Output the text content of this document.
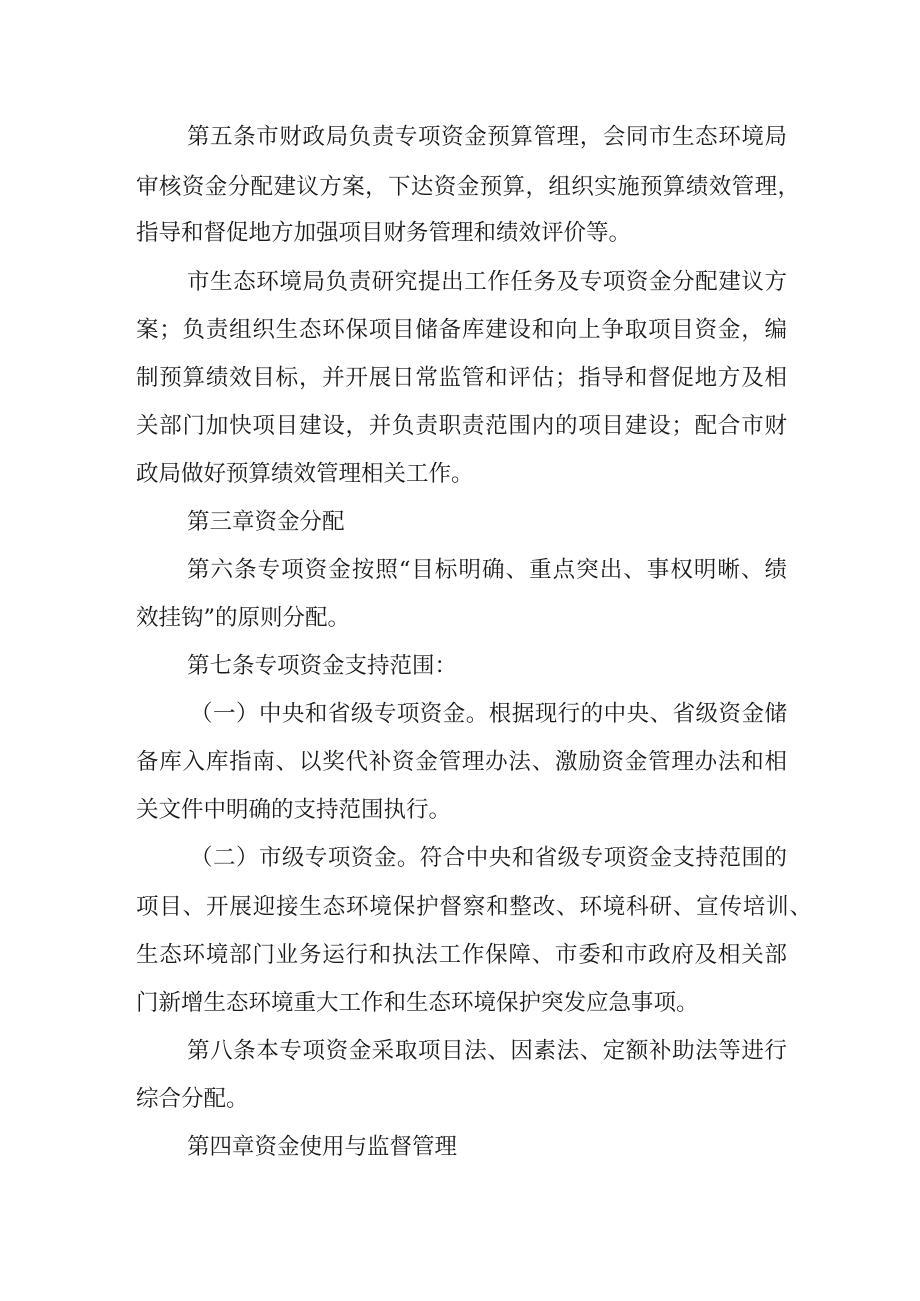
第五条市财政局负责专项资金预算管理，会同市生态环境局
审核资金分配建议方案，下达资金预算，组织实施预算绩效管理，
指导和督促地方加强项目财务管理和绩效评价等。
市生态环境局负责研究提出工作任务及专项资金分配建议方
案；负责组织生态环保项目储备库建设和向上争取项目资金，编
制预算绩效目标，并开展日常监管和评估；指导和督促地方及相
关部门加快项目建设，并负责职责范围内的项目建设；配合市财
政局做好预算绩效管理相关工作。
第三章资金分配
第六条专项资金按照“目标明确、重点突出、事权明晰、绩
效挂钩”的原则分配。
第七条专项资金支持范围：
（一）中央和省级专项资金。根据现行的中央、省级资金储
备库入库指南、以奖代补资金管理办法、激励资金管理办法和相
关文件中明确的支持范围执行。
（二）市级专项资金。符合中央和省级专项资金支持范围的
项目、开展迎接生态环境保护督察和整改、环境科研、宣传培训、
生态环境部门业务运行和执法工作保障、市委和市政府及相关部
门新增生态环境重大工作和生态环境保护突发应急事项。
第八条本专项资金采取项目法、因素法、定额补助法等进行
综合分配。
第四章资金使用与监督管理
